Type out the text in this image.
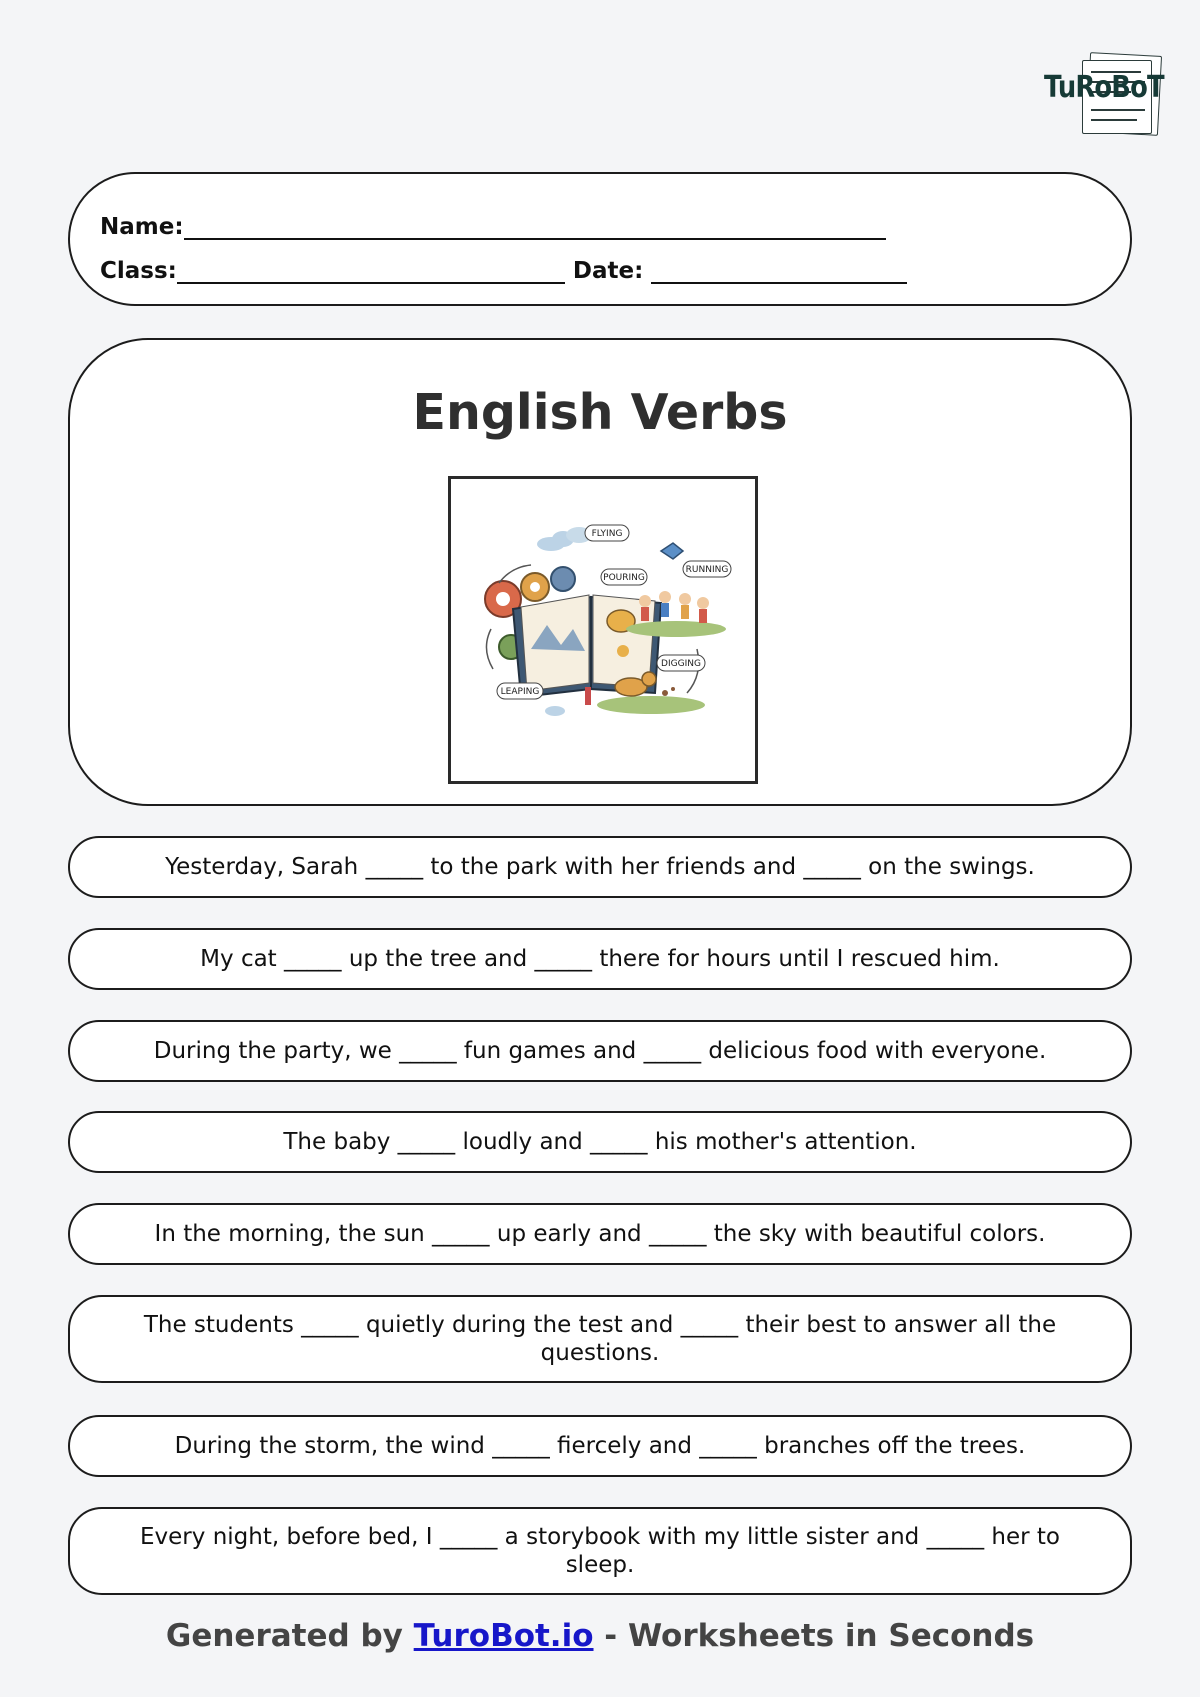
TuRoBoT
Name:
Class:	Date:
English Verbs
FLYING
POURING
RUNNING
DIGGING
LEAPING
Yesterday, Sarah _____ to the park with her friends and _____ on the swings.
My cat _____ up the tree and _____ there for hours until I rescued him.
During the party, we _____ fun games and _____ delicious food with everyone.
The baby _____ loudly and _____ his mother's attention.
In the morning, the sun _____ up early and _____ the sky with beautiful colors.
The students _____ quietly during the test and _____ their best to answer all the questions.
During the storm, the wind _____ fiercely and _____ branches off the trees.
Every night, before bed, I _____ a storybook with my little sister and _____ her to sleep.
Generated by TuroBot.io - Worksheets in Seconds
